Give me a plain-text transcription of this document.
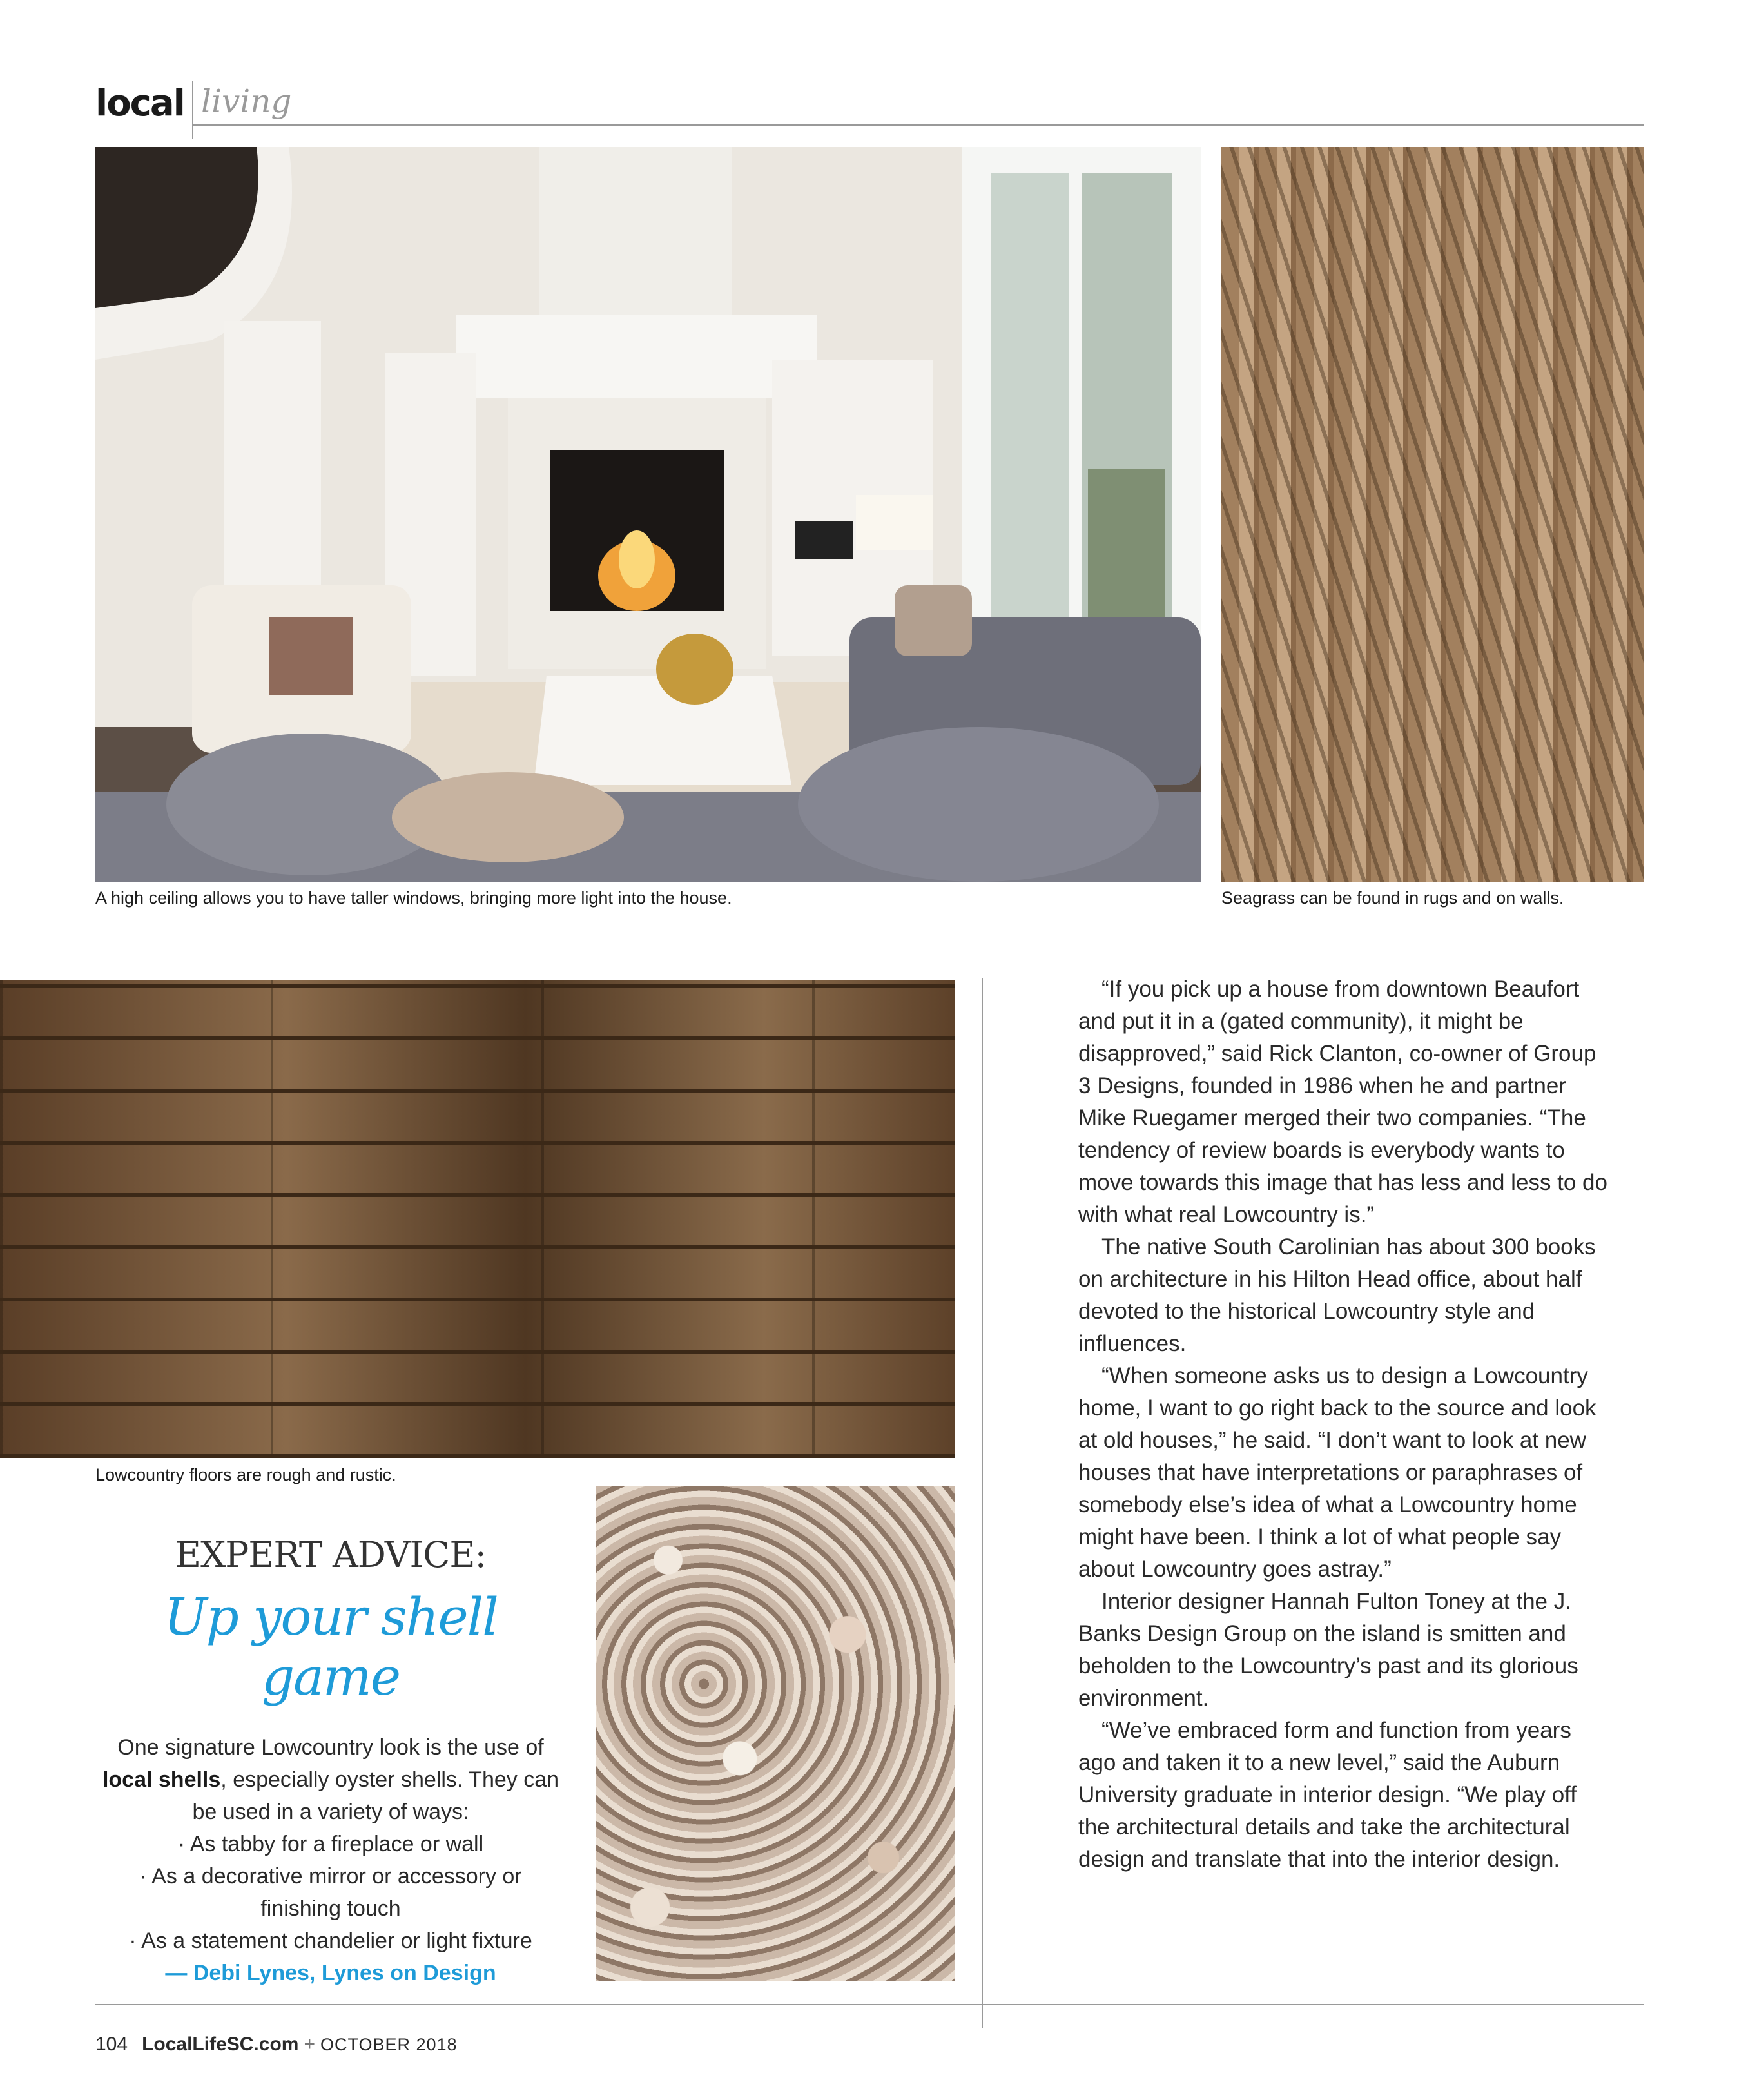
local living
A high ceiling allows you to have taller windows, bringing more light into the house.	Seagrass can be found in rugs and on walls.
Lowcountry floors are rough and rustic.
EXPERT ADVICE:
Up your shell game
One signature Lowcountry look is the use of local shells, especially oyster shells. They can be used in a variety of ways:
· As tabby for a fireplace or wall
· As a decorative mirror or accessory or finishing touch
· As a statement chandelier or light fixture
— Debi Lynes, Lynes on Design

“If you pick up a house from downtown Beaufort and put it in a (gated community), it might be disapproved,” said Rick Clanton, co-owner of Group 3 Designs, founded in 1986 when he and partner Mike Ruegamer merged their two companies. “The tendency of review boards is everybody wants to move towards this image that has less and less to do with what real Lowcountry is.”

The native South Carolinian has about 300 books on architecture in his Hilton Head office, about half devoted to the historical Lowcountry style and influences.

“When someone asks us to design a Lowcountry home, I want to go right back to the source and look at old houses,” he said. “I don’t want to look at new houses that have interpretations or paraphrases of somebody else’s idea of what a Lowcountry home might have been. I think a lot of what people say about Lowcountry goes astray.”

Interior designer Hannah Fulton Toney at the J. Banks Design Group on the island is smitten and beholden to the Lowcountry’s past and its glorious environment.

“We’ve embraced form and function from years ago and taken it to a new level,” said the Auburn University graduate in interior design. “We play off the architectural details and take the architectural design and translate that into the interior design.

104 LocalLifeSC.com + OCTOBER 2018
